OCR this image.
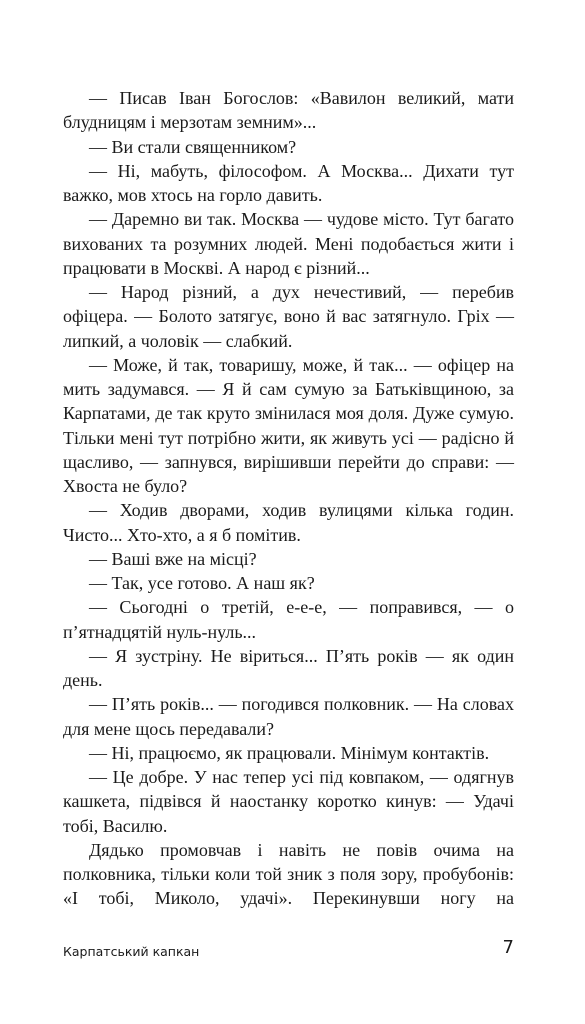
— Писав Іван Богослов: «Вавилон великий, мати блудницям і мерзотам земним»...

— Ви стали священником?

— Ні, мабуть, філософом. А Москва... Дихати тут важко, мов хтось на горло давить.

— Даремно ви так. Москва — чудове місто. Тут багато вихованих та розумних людей. Мені подобається жити і працювати в Москві. А народ є різний...

— Народ різний, а дух нечестивий, — перебив офіцера. — Болото затягує, воно й вас затягнуло. Гріх — липкий, а чоловік — слабкий.

— Може, й так, товаришу, може, й так... — офіцер на мить задумався. — Я й сам сумую за Батьківщиною, за Карпатами, де так круто змінилася моя доля. Дуже сумую. Тільки мені тут потрібно жити, як живуть усі — радісно й щасливо, — запнувся, вирішивши перейти до справи: — Хвоста не було?

— Ходив дворами, ходив вулицями кілька годин. Чисто... Хто-хто, а я б помітив.

— Ваші вже на місці?

— Так, усе готово. А наш як?

— Сьогодні о третій, е-е-е, — поправився, — о п’ятнадцятій нуль-нуль...

— Я зустріну. Не віриться... П’ять років — як один день.

— П’ять років... — погодився полковник. — На словах для мене щось передавали?

— Ні, працюємо, як працювали. Мінімум контактів.

— Це добре. У нас тепер усі під ковпаком, — одягнув кашкета, підвівся й наостанку коротко кинув: — Удачі тобі, Василю.

Дядько промовчав і навіть не повів очима на полковника, тільки коли той зник з поля зору, пробубонів: «І тобі, Миколо, удачі». Перекинувши ногу на

Карпатський капкан	7
